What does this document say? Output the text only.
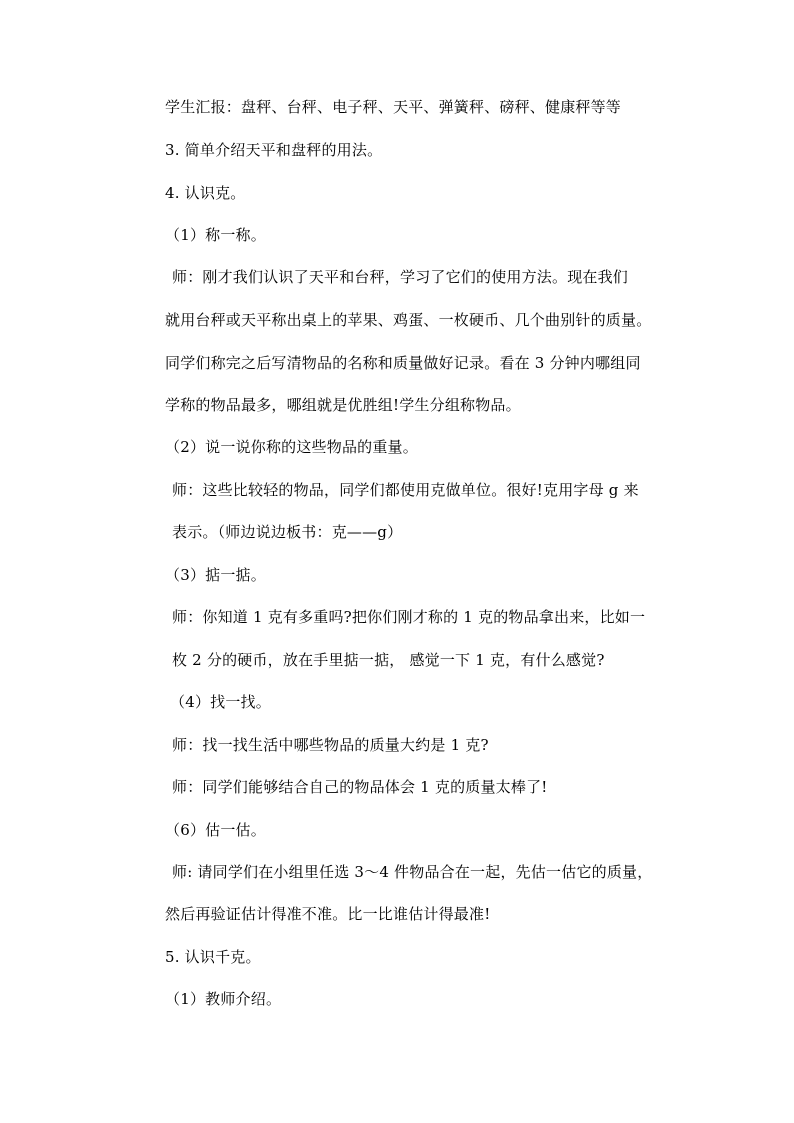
学生汇报：盘秤、台秤、电子秤、天平、弹簧秤、磅秤、健康秤等等
3. 简单介绍天平和盘秤的用法。
4. 认识克。
（1）称一称。
师：刚才我们认识了天平和台秤，学习了它们的使用方法。现在我们
就用台秤或天平称出桌上的苹果、鸡蛋、一枚硬币、几个曲别针的质量。
同学们称完之后写清物品的名称和质量做好记录。看在 3 分钟内哪组同
学称的物品最多，哪组就是优胜组!学生分组称物品。
（2）说一说你称的这些物品的重量。
师：这些比较轻的物品，同学们都使用克做单位。很好!克用字母 g 来
表示。（师边说边板书：克——g）
（3）掂一掂。
师：你知道 1 克有多重吗?把你们刚才称的 1 克的物品拿出来，比如一
枚 2 分的硬币，放在手里掂一掂， 感觉一下 1 克，有什么感觉?
（4）找一找。
师：找一找生活中哪些物品的质量大约是 1 克?
师：同学们能够结合自己的物品体会 1 克的质量太棒了!
（6）估一估。
师: 请同学们在小组里任选 3～4 件物品合在一起，先估一估它的质量，
然后再验证估计得准不准。比一比谁估计得最准!
5. 认识千克。
（1）教师介绍。
